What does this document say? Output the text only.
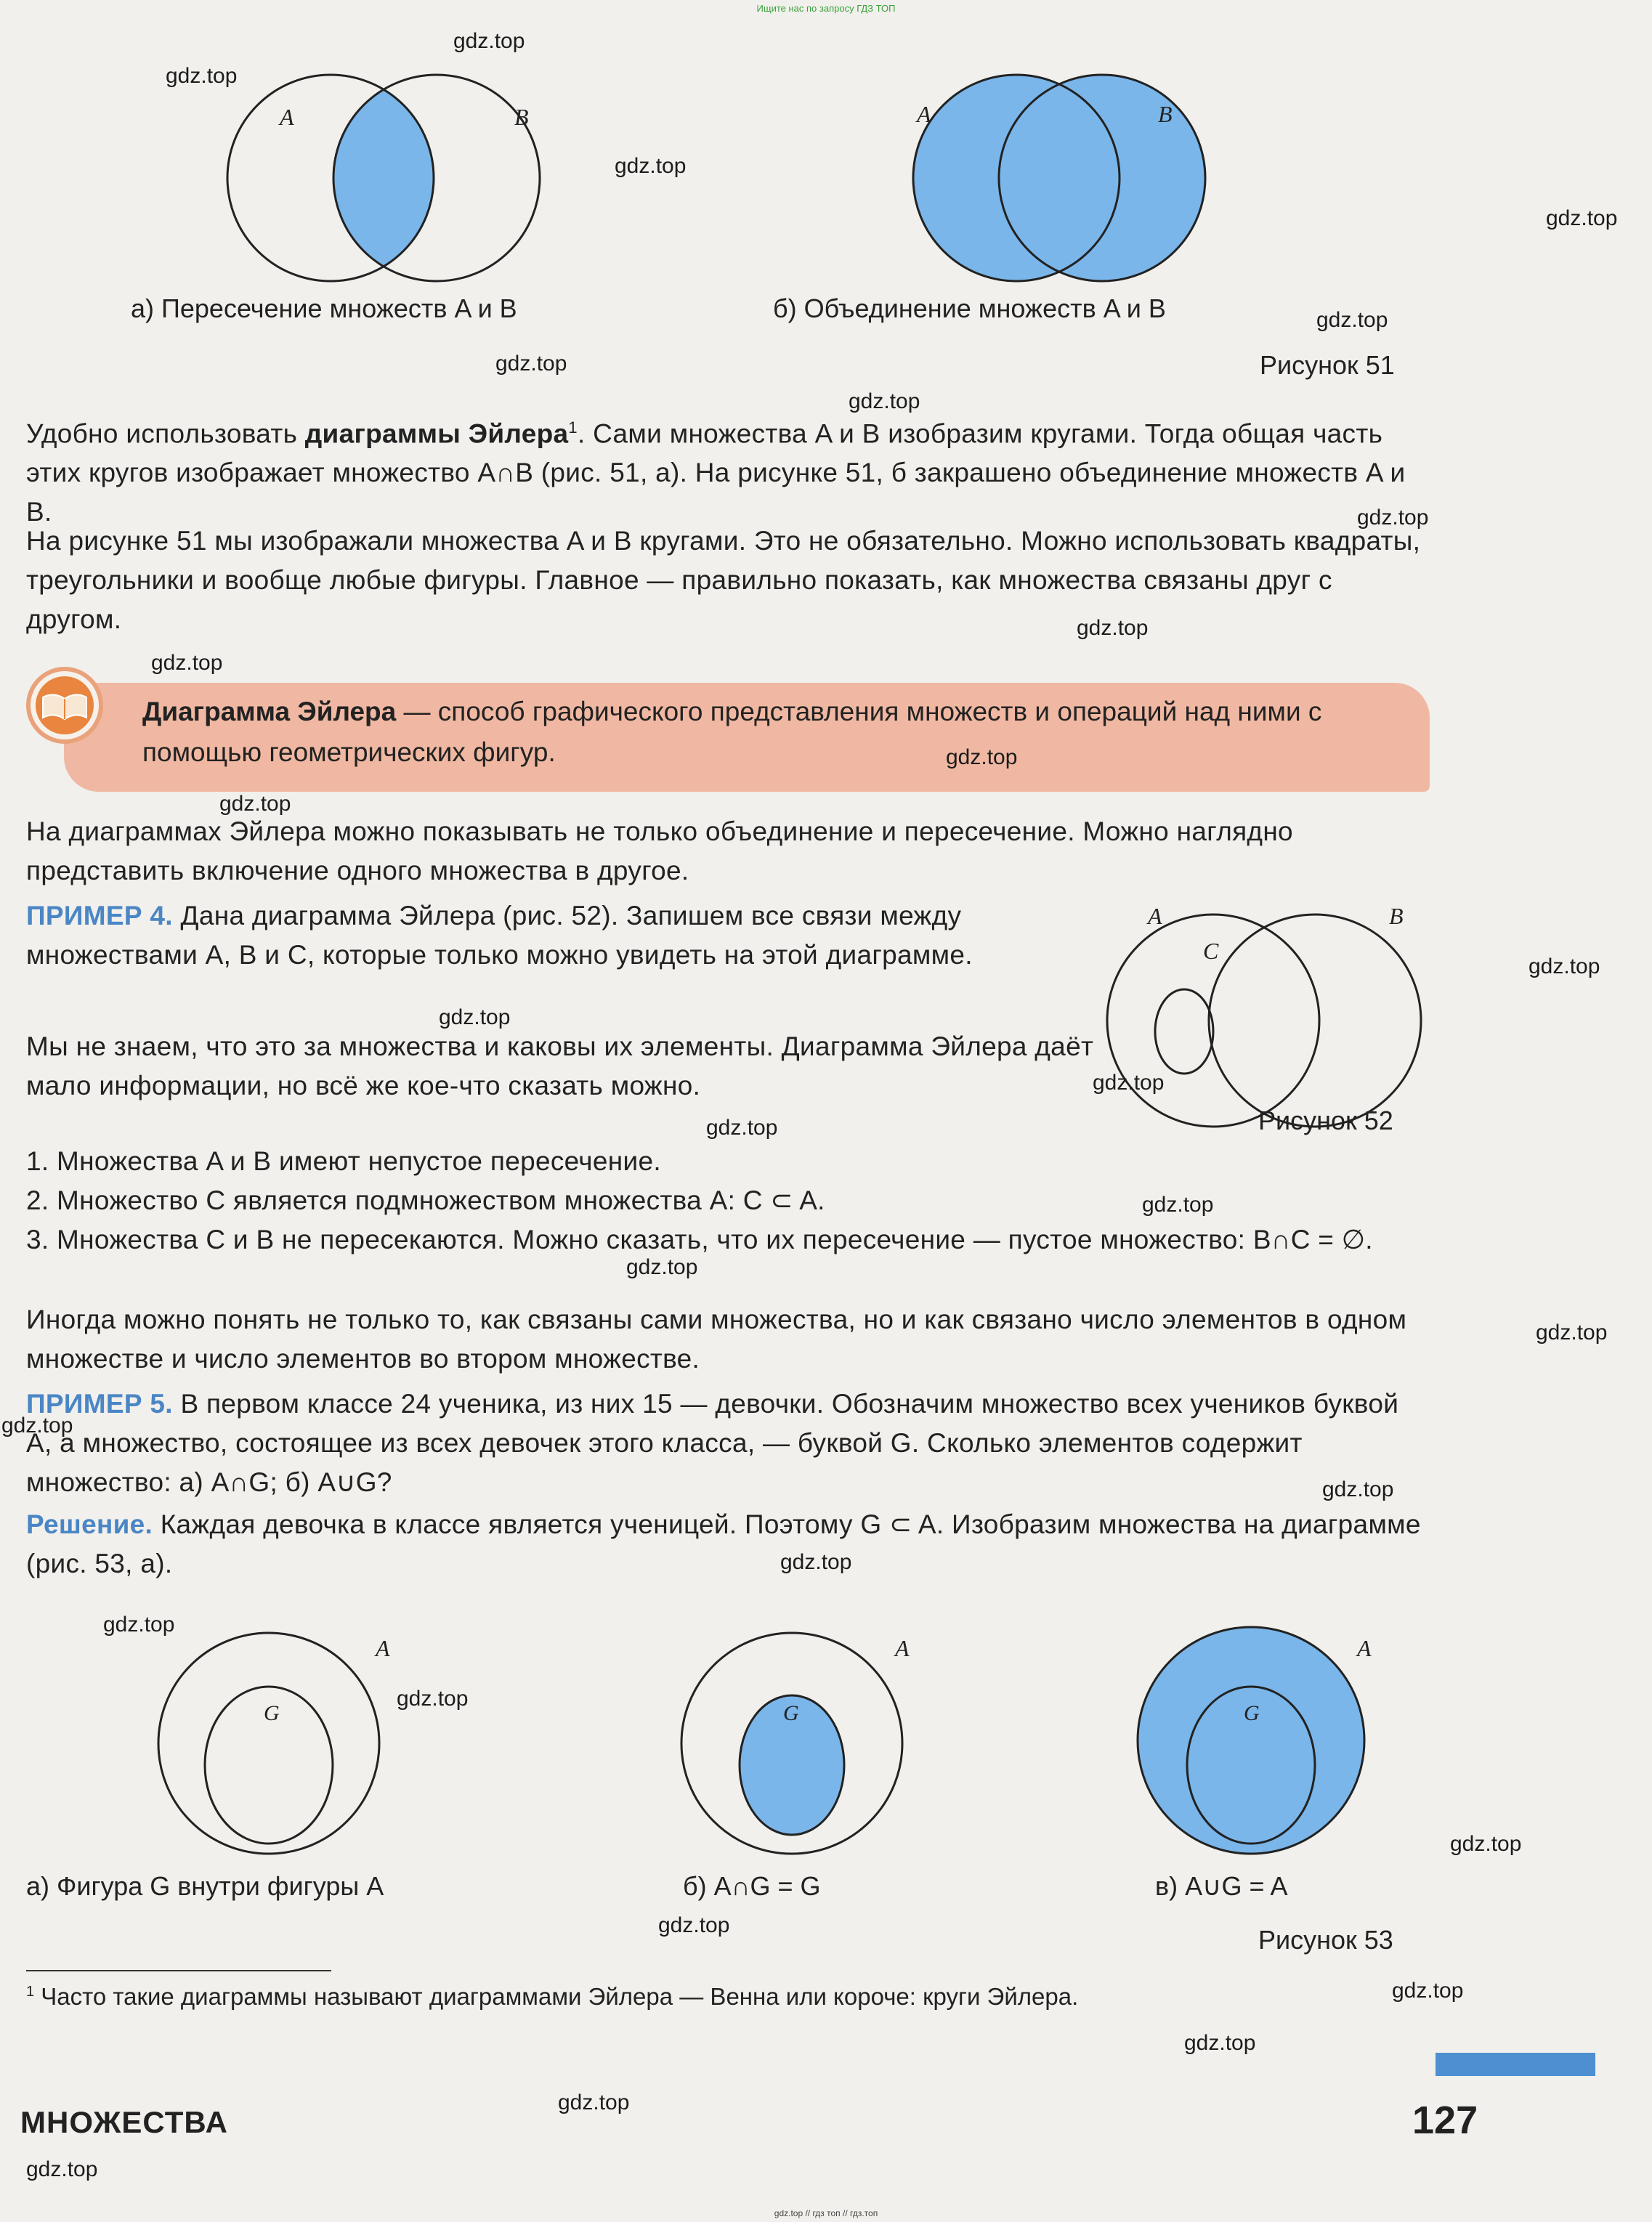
Ищите нас по запросу ГДЗ ТОП
gdz.top // гдз топ // гдз.топ
A	B	A	B
а) Пересечение множеств A и B	б) Объединение множеств A и B
Рисунок 51
Удобно использовать диаграммы Эйлера$^1$. Сами множества A и B изобразим кругами. Тогда общая часть этих кругов изображает множество A∩B (рис. 51, а). На рисунке 51, б закрашено объединение множеств A и B.
На рисунке 51 мы изображали множества A и B кругами. Это не обязательно. Можно использовать квадраты, треугольники и вообще любые фигуры. Главное — правильно показать, как множества связаны друг с другом.
Диаграмма Эйлера — способ графического представления множеств и операций над ними с помощью геометрических фигур.
На диаграммах Эйлера можно показывать не только объединение и пересечение. Можно наглядно представить включение одного множества в другое.
ПРИМЕР 4. Дана диаграмма Эйлера (рис. 52). Запишем все связи между множествами A, B и C, которые только можно увидеть на этой диаграмме.
A	B
C
Рисунок 52
Мы не знаем, что это за множества и каковы их элементы. Диаграмма Эйлера даёт мало информации, но всё же кое-что сказать можно.
1. Множества A и B имеют непустое пересечение.
2. Множество C является подмножеством множества A: C ⊂ A.
3. Множества C и B не пересекаются. Можно сказать, что их пересечение — пустое множество: B∩C = ∅.
Иногда можно понять не только то, как связаны сами множества, но и как связано число элементов в одном множестве и число элементов во втором множестве.
ПРИМЕР 5. В первом классе 24 ученика, из них 15 — девочки. Обозначим множество всех учеников буквой A, а множество, состоящее из всех девочек этого класса, — буквой G. Сколько элементов содержит множество: а) A∩G; б) A∪G?
Решение. Каждая девочка в классе является ученицей. Поэтому G ⊂ A. Изобразим множества на диаграмме (рис. 53, а).
A
G
A
G
A
G
а) Фигура G внутри фигуры A	б) A∩G = G	в) A∪G = A
Рисунок 53
$^1$ Часто такие диаграммы называют диаграммами Эйлера — Венна или короче: круги Эйлера.
МНОЖЕСТВА	127
gdz.top
gdz.top
gdz.top
gdz.top
gdz.top
gdz.top
gdz.top
gdz.top
gdz.top
gdz.top
gdz.top
gdz.top
gdz.top
gdz.top
gdz.top
gdz.top
gdz.top
gdz.top
gdz.top
gdz.top
gdz.top
gdz.top
gdz.top
gdz.top
gdz.top
gdz.top
gdz.top
gdz.top
gdz.top
gdz.top
